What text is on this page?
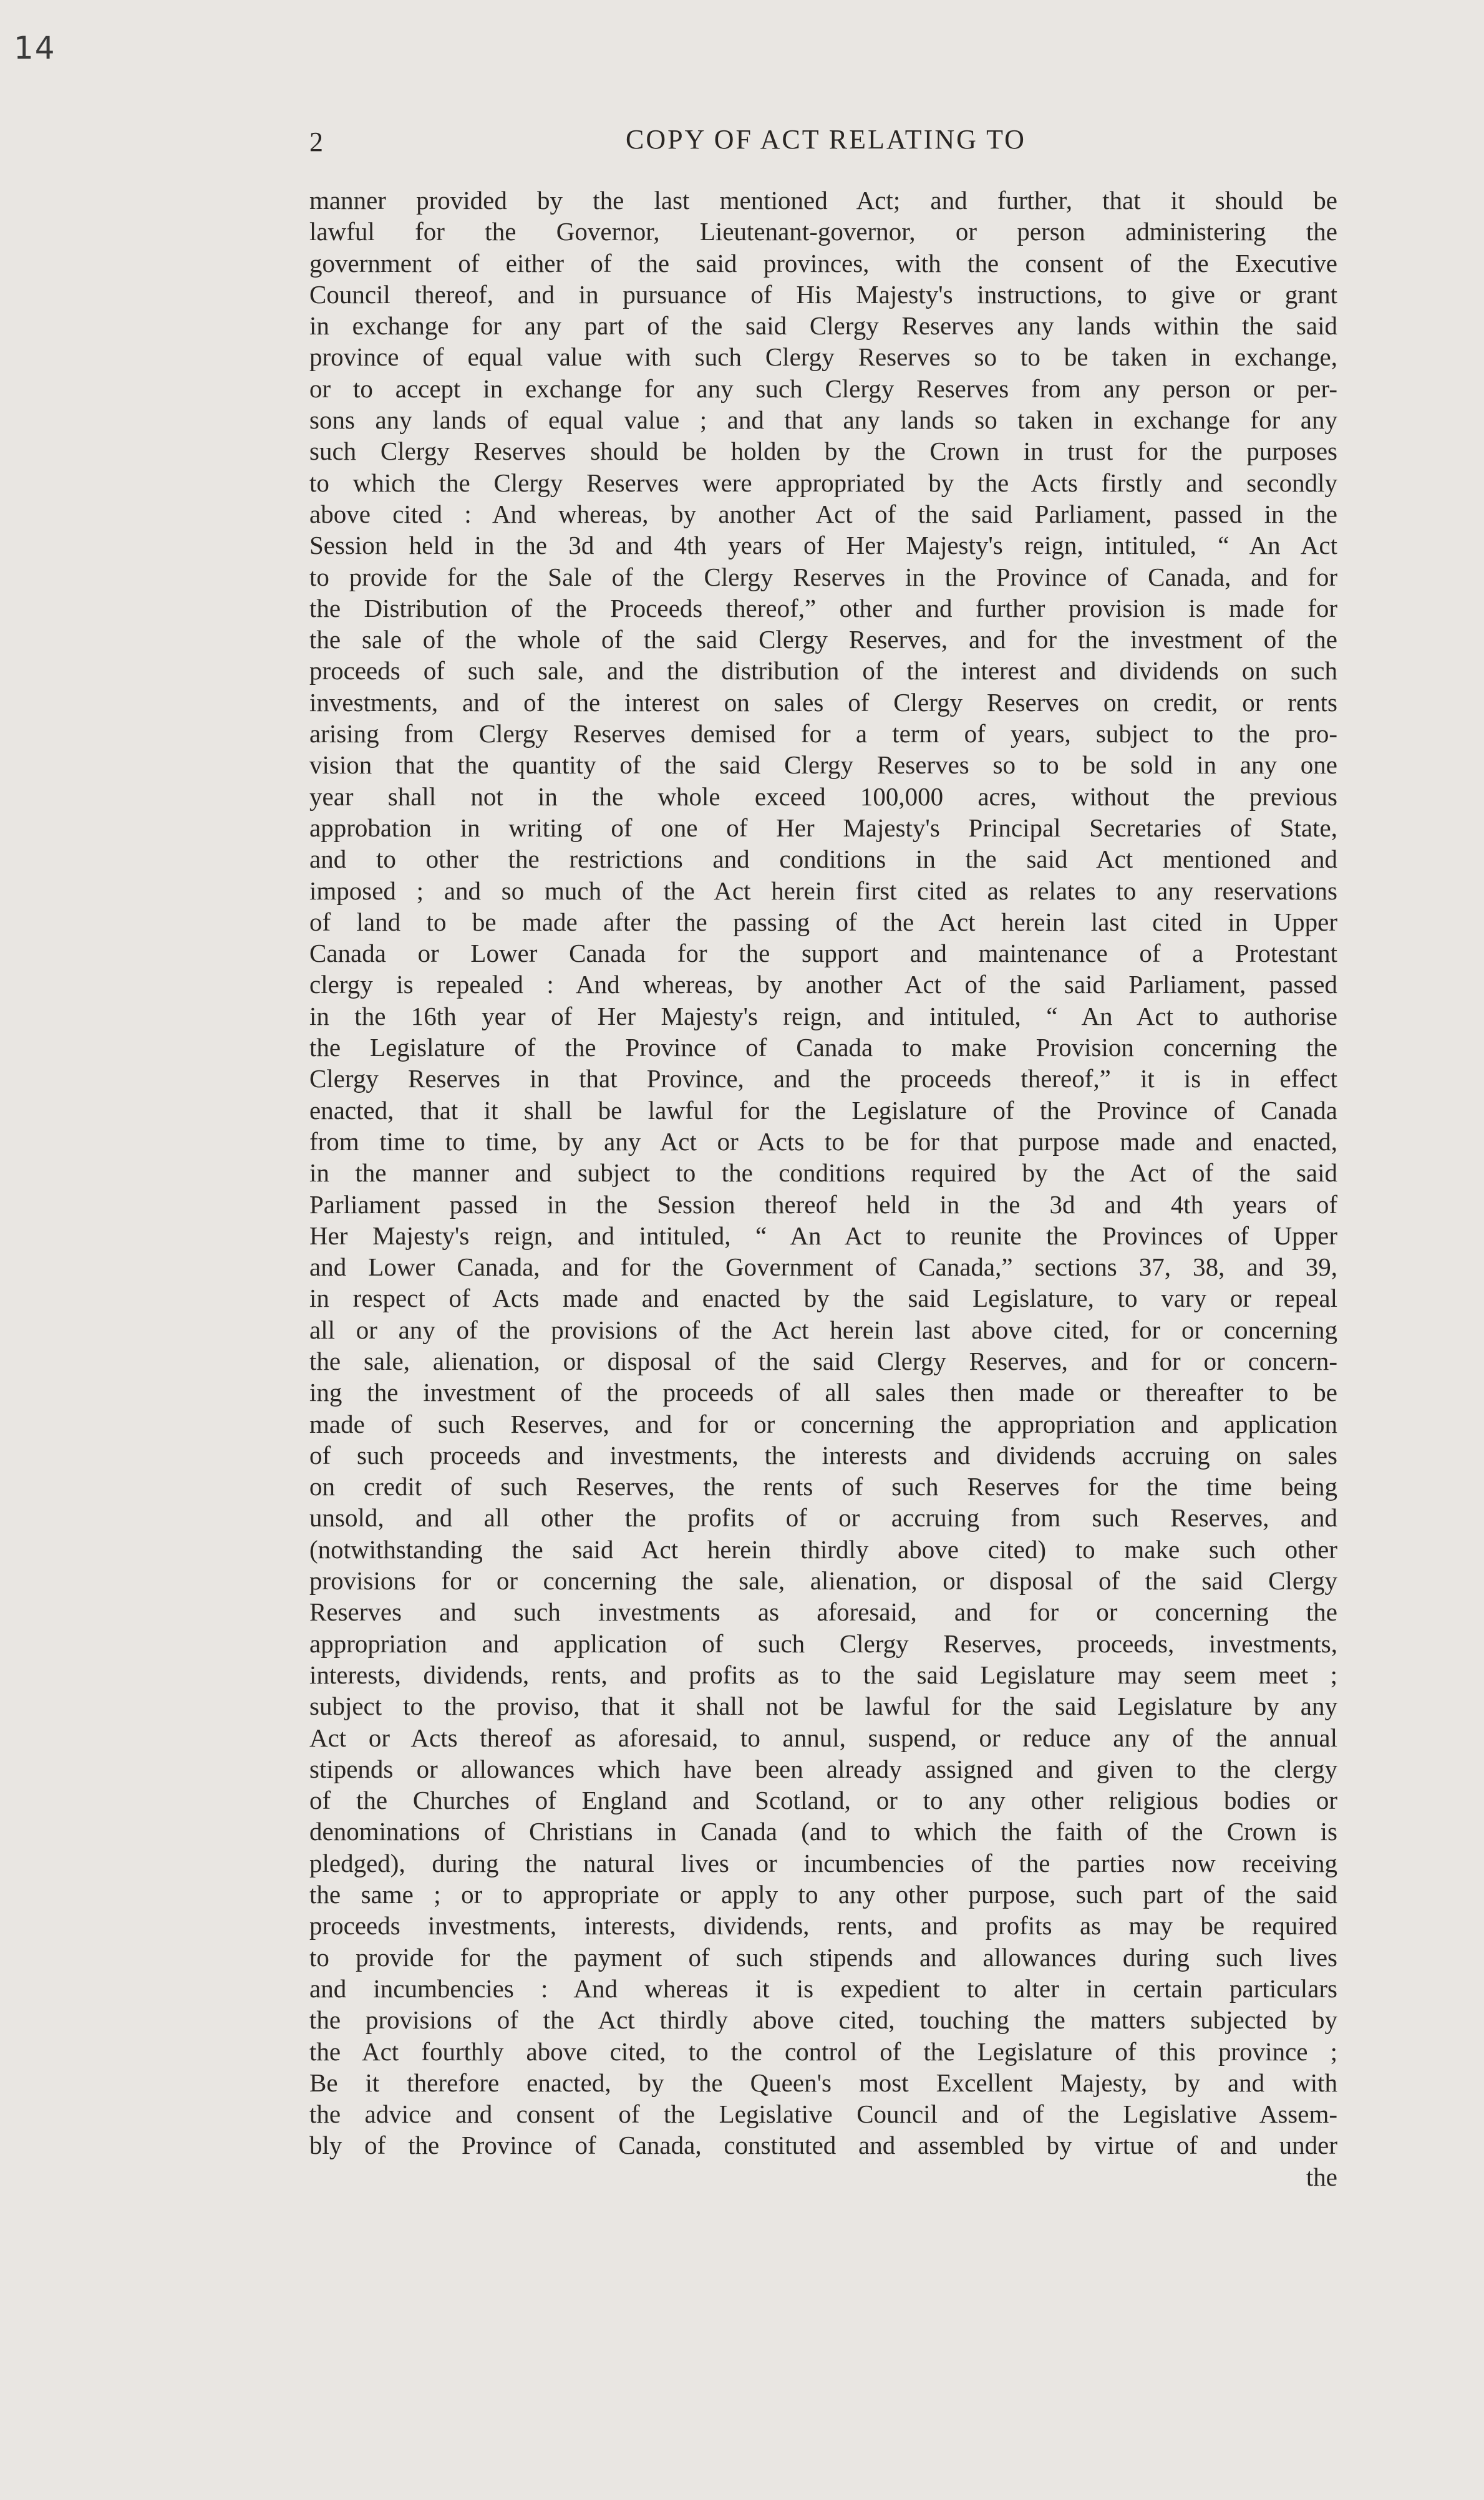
14
2	COPY OF ACT RELATING TO
manner provided by the last mentioned Act; and further, that it should be
lawful for the Governor, Lieutenant-governor, or person administering the
government of either of the said provinces, with the consent of the Executive
Council thereof, and in pursuance of His Majesty's instructions, to give or grant
in exchange for any part of the said Clergy Reserves any lands within the said
province of equal value with such Clergy Reserves so to be taken in exchange,
or to accept in exchange for any such Clergy Reserves from any person or per-
sons any lands of equal value ; and that any lands so taken in exchange for any
such Clergy Reserves should be holden by the Crown in trust for the purposes
to which the Clergy Reserves were appropriated by the Acts firstly and secondly
above cited : And whereas, by another Act of the said Parliament, passed in the
Session held in the 3d and 4th years of Her Majesty's reign, intituled, “ An Act
to provide for the Sale of the Clergy Reserves in the Province of Canada, and for
the Distribution of the Proceeds thereof,” other and further provision is made for
the sale of the whole of the said Clergy Reserves, and for the investment of the
proceeds of such sale, and the distribution of the interest and dividends on such
investments, and of the interest on sales of Clergy Reserves on credit, or rents
arising from Clergy Reserves demised for a term of years, subject to the pro-
vision that the quantity of the said Clergy Reserves so to be sold in any one
year shall not in the whole exceed 100,000 acres, without the previous
approbation in writing of one of Her Majesty's Principal Secretaries of State,
and to other the restrictions and conditions in the said Act mentioned and
imposed ; and so much of the Act herein first cited as relates to any reservations
of land to be made after the passing of the Act herein last cited in Upper
Canada or Lower Canada for the support and maintenance of a Protestant
clergy is repealed : And whereas, by another Act of the said Parliament, passed
in the 16th year of Her Majesty's reign, and intituled, “ An Act to authorise
the Legislature of the Province of Canada to make Provision concerning the
Clergy Reserves in that Province, and the proceeds thereof,” it is in effect
enacted, that it shall be lawful for the Legislature of the Province of Canada
from time to time, by any Act or Acts to be for that purpose made and enacted,
in the manner and subject to the conditions required by the Act of the said
Parliament passed in the Session thereof held in the 3d and 4th years of
Her Majesty's reign, and intituled, “ An Act to reunite the Provinces of Upper
and Lower Canada, and for the Government of Canada,” sections 37, 38, and 39,
in respect of Acts made and enacted by the said Legislature, to vary or repeal
all or any of the provisions of the Act herein last above cited, for or concerning
the sale, alienation, or disposal of the said Clergy Reserves, and for or concern-
ing the investment of the proceeds of all sales then made or thereafter to be
made of such Reserves, and for or concerning the appropriation and application
of such proceeds and investments, the interests and dividends accruing on sales
on credit of such Reserves, the rents of such Reserves for the time being
unsold, and all other the profits of or accruing from such Reserves, and
(notwithstanding the said Act herein thirdly above cited) to make such other
provisions for or concerning the sale, alienation, or disposal of the said Clergy
Reserves and such investments as aforesaid, and for or concerning the
appropriation and application of such Clergy Reserves, proceeds, investments,
interests, dividends, rents, and profits as to the said Legislature may seem meet ;
subject to the proviso, that it shall not be lawful for the said Legislature by any
Act or Acts thereof as aforesaid, to annul, suspend, or reduce any of the annual
stipends or allowances which have been already assigned and given to the clergy
of the Churches of England and Scotland, or to any other religious bodies or
denominations of Christians in Canada (and to which the faith of the Crown is
pledged), during the natural lives or incumbencies of the parties now receiving
the same ; or to appropriate or apply to any other purpose, such part of the said
proceeds investments, interests, dividends, rents, and profits as may be required
to provide for the payment of such stipends and allowances during such lives
and incumbencies : And whereas it is expedient to alter in certain particulars
the provisions of the Act thirdly above cited, touching the matters subjected by
the Act fourthly above cited, to the control of the Legislature of this province ;
Be it therefore enacted, by the Queen's most Excellent Majesty, by and with
the advice and consent of the Legislative Council and of the Legislative Assem-
bly of the Province of Canada, constituted and assembled by virtue of and under
the
